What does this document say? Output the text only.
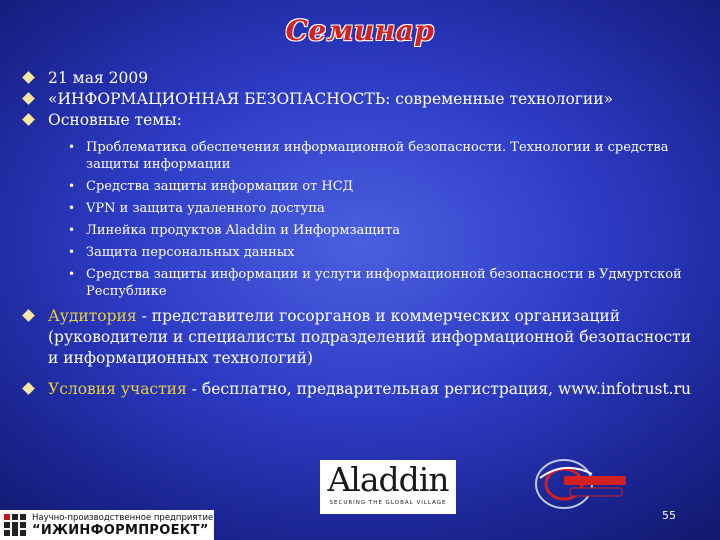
Семинар
21 мая 2009
«ИНФОРМАЦИОННАЯ БЕЗОПАСНОСТЬ: современные технологии»
Основные темы:
• Проблематика обеспечения информационной безопасности. Технологии и средства защиты информации
• Средства защиты информации от НСД
• VPN и защита удаленного доступа
• Линейка продуктов Aladdin и Информзащита
• Защита персональных данных
• Средства защиты информации и услуги информационной безопасности в Удмуртской Республике
Аудитория - представители госорганов и коммерческих организаций (руководители и специалисты подразделений информационной безопасности и информационных технологий)
Условия участия - бесплатно, предварительная регистрация, www.infotrust.ru
Aladdin
SECURING THE GLOBAL VILLAGE
Научно-производственное предприятие
“ИЖИНФОРМПРОЕКТ”
55
